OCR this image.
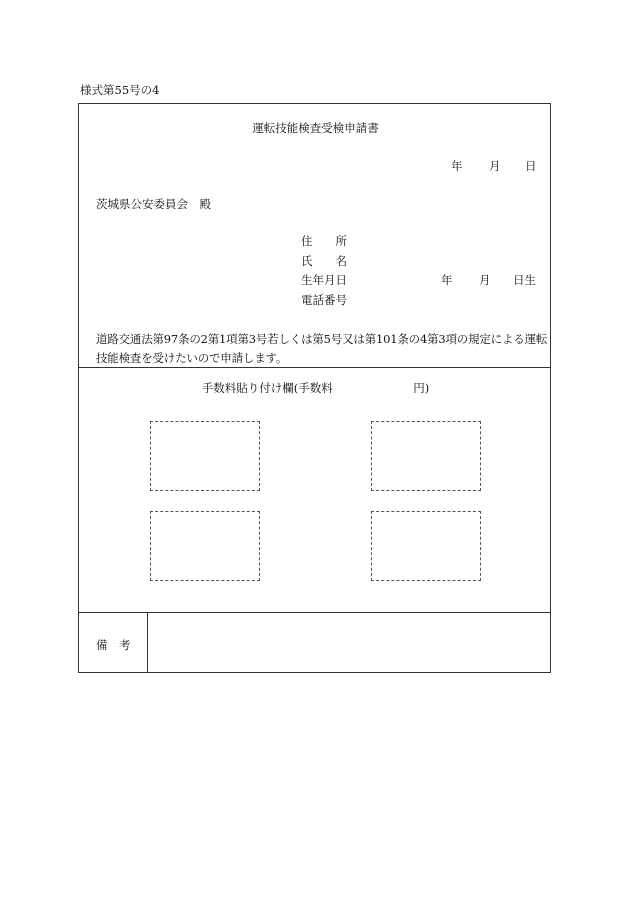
様式第55号の4
運転技能検査受検申請書
年 月 日
茨城県公安委員会　殿
住　　所
氏　　名
生年月日	年 月 日生
電話番号
道路交通法第97条の2第1項第3号若しくは第5号又は第101条の4第3項の規定による運転技能検査を受けたいので申請します。
手数料貼り付け欄(手数料　　　　　　　円)
備　考
